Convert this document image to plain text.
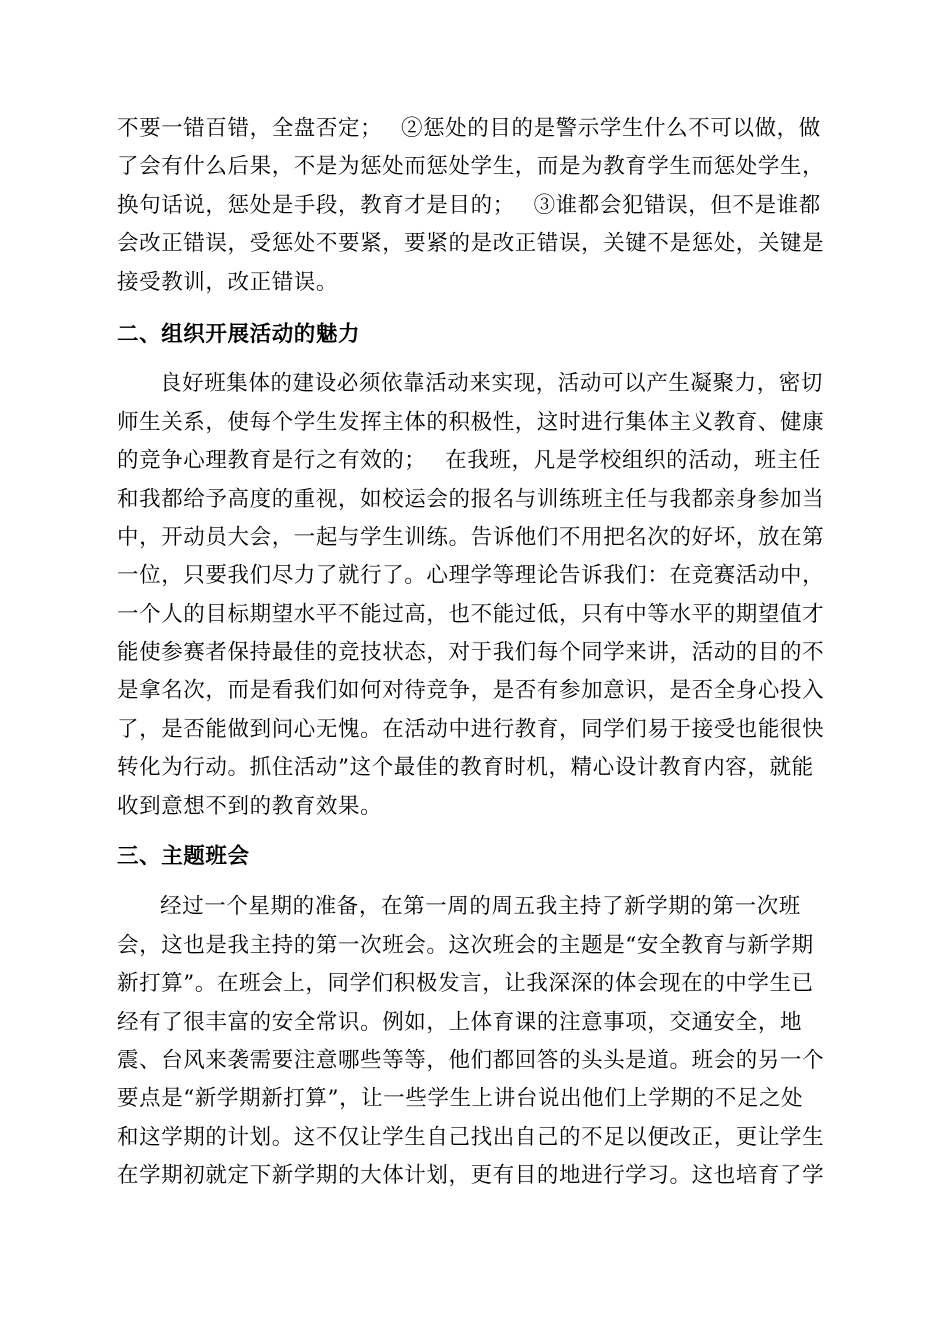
不要一错百错，全盘否定；　 ②惩处的目的是警示学生什么不可以做，做
了会有什么后果，不是为惩处而惩处学生，而是为教育学生而惩处学生，
换句话说，惩处是手段，教育才是目的；　 ③谁都会犯错误，但不是谁都
会改正错误，受惩处不要紧，要紧的是改正错误，关键不是惩处，关键是
接受教训，改正错误。
二、组织开展活动的魅力
良好班集体的建设必须依靠活动来实现，活动可以产生凝聚力，密切
师生关系，使每个学生发挥主体的积极性，这时进行集体主义教育、健康
的竞争心理教育是行之有效的；　 在我班，凡是学校组织的活动，班主任
和我都给予高度的重视，如校运会的报名与训练班主任与我都亲身参加当
中，开动员大会，一起与学生训练。告诉他们不用把名次的好坏，放在第
一位，只要我们尽力了就行了。心理学等理论告诉我们：在竞赛活动中，
一个人的目标期望水平不能过高，也不能过低，只有中等水平的期望值才
能使参赛者保持最佳的竞技状态，对于我们每个同学来讲，活动的目的不
是拿名次，而是看我们如何对待竞争，是否有参加意识，是否全身心投入
了，是否能做到问心无愧。在活动中进行教育，同学们易于接受也能很快
转化为行动。抓住活动”这个最佳的教育时机，精心设计教育内容，就能
收到意想不到的教育效果。
三、主题班会
经过一个星期的准备，在第一周的周五我主持了新学期的第一次班
会，这也是我主持的第一次班会。这次班会的主题是“安全教育与新学期
新打算”。在班会上，同学们积极发言，让我深深的体会现在的中学生已
经有了很丰富的安全常识。例如，上体育课的注意事项，交通安全，地
震、台风来袭需要注意哪些等等，他们都回答的头头是道。班会的另一个
要点是“新学期新打算”，让一些学生上讲台说出他们上学期的不足之处
和这学期的计划。这不仅让学生自己找出自己的不足以便改正，更让学生
在学期初就定下新学期的大体计划，更有目的地进行学习。这也培育了学
